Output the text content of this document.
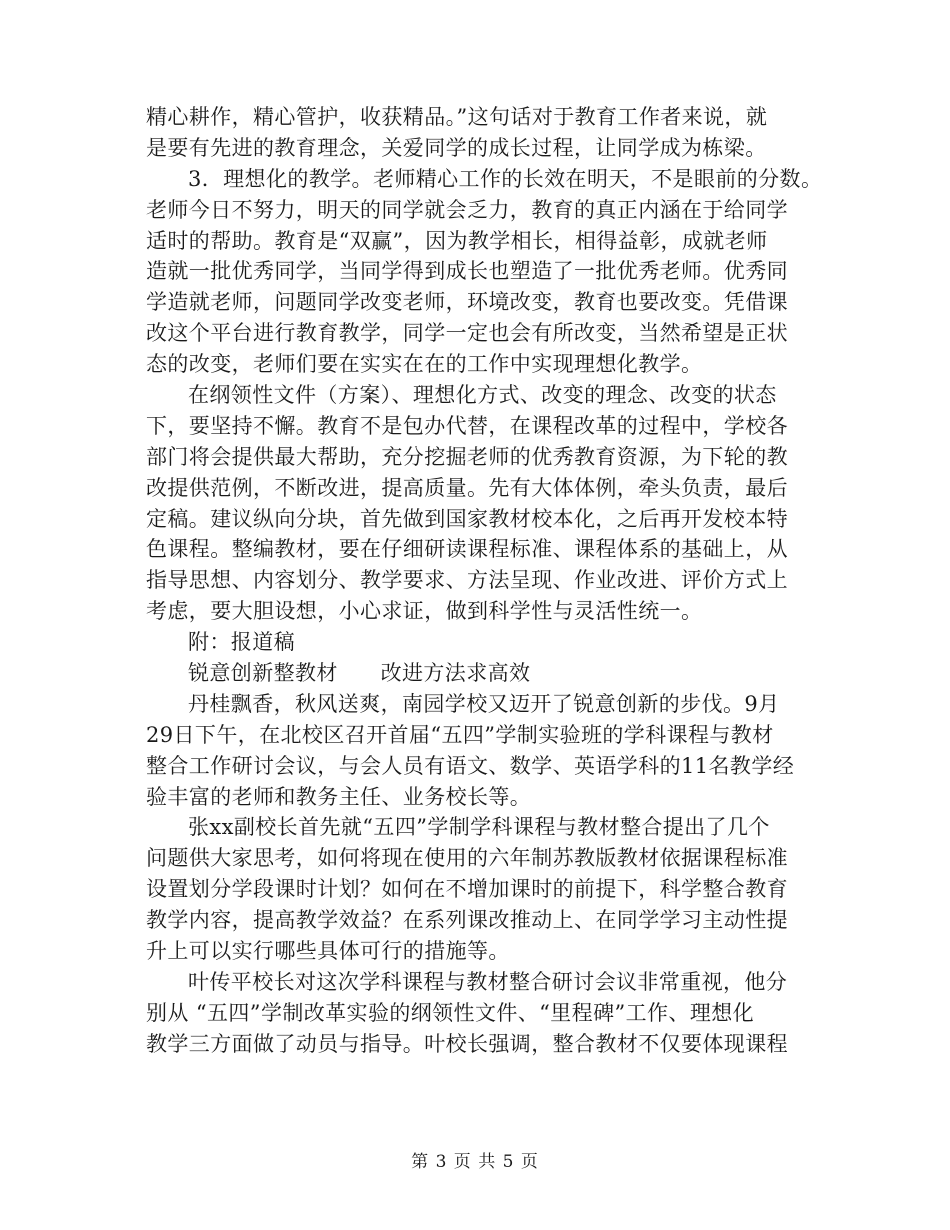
精心耕作，精心管护，收获精品。”这句话对于教育工作者来说，就
是要有先进的教育理念，关爱同学的成长过程，让同学成为栋梁。
3．理想化的教学。老师精心工作的长效在明天，不是眼前的分数。
老师今日不努力，明天的同学就会乏力，教育的真正内涵在于给同学
适时的帮助。教育是“双赢”，因为教学相长，相得益彰，成就老师
造就一批优秀同学，当同学得到成长也塑造了一批优秀老师。优秀同
学造就老师，问题同学改变老师，环境改变，教育也要改变。凭借课
改这个平台进行教育教学，同学一定也会有所改变，当然希望是正状
态的改变，老师们要在实实在在的工作中实现理想化教学。
在纲领性文件（方案）、理想化方式、改变的理念、改变的状态
下，要坚持不懈。教育不是包办代替，在课程改革的过程中，学校各
部门将会提供最大帮助，充分挖掘老师的优秀教育资源，为下轮的教
改提供范例，不断改进，提高质量。先有大体体例，牵头负责，最后
定稿。建议纵向分块，首先做到国家教材校本化，之后再开发校本特
色课程。整编教材，要在仔细研读课程标准、课程体系的基础上，从
指导思想、内容划分、教学要求、方法呈现、作业改进、评价方式上
考虑，要大胆设想，小心求证，做到科学性与灵活性统一。
附：报道稿
锐意创新整教材　　改进方法求高效
丹桂飘香，秋风送爽，南园学校又迈开了锐意创新的步伐。9月
29日下午，在北校区召开首届“五四”学制实验班的学科课程与教材
整合工作研讨会议，与会人员有语文、数学、英语学科的11名教学经
验丰富的老师和教务主任、业务校长等。
张xx副校长首先就“五四”学制学科课程与教材整合提出了几个
问题供大家思考，如何将现在使用的六年制苏教版教材依据课程标准
设置划分学段课时计划？如何在不增加课时的前提下，科学整合教育
教学内容，提高教学效益？在系列课改推动上、在同学学习主动性提
升上可以实行哪些具体可行的措施等。
叶传平校长对这次学科课程与教材整合研讨会议非常重视，他分
别从 “五四”学制改革实验的纲领性文件、“里程碑”工作、理想化
教学三方面做了动员与指导。叶校长强调，整合教材不仅要体现课程
第 3 页 共 5 页
